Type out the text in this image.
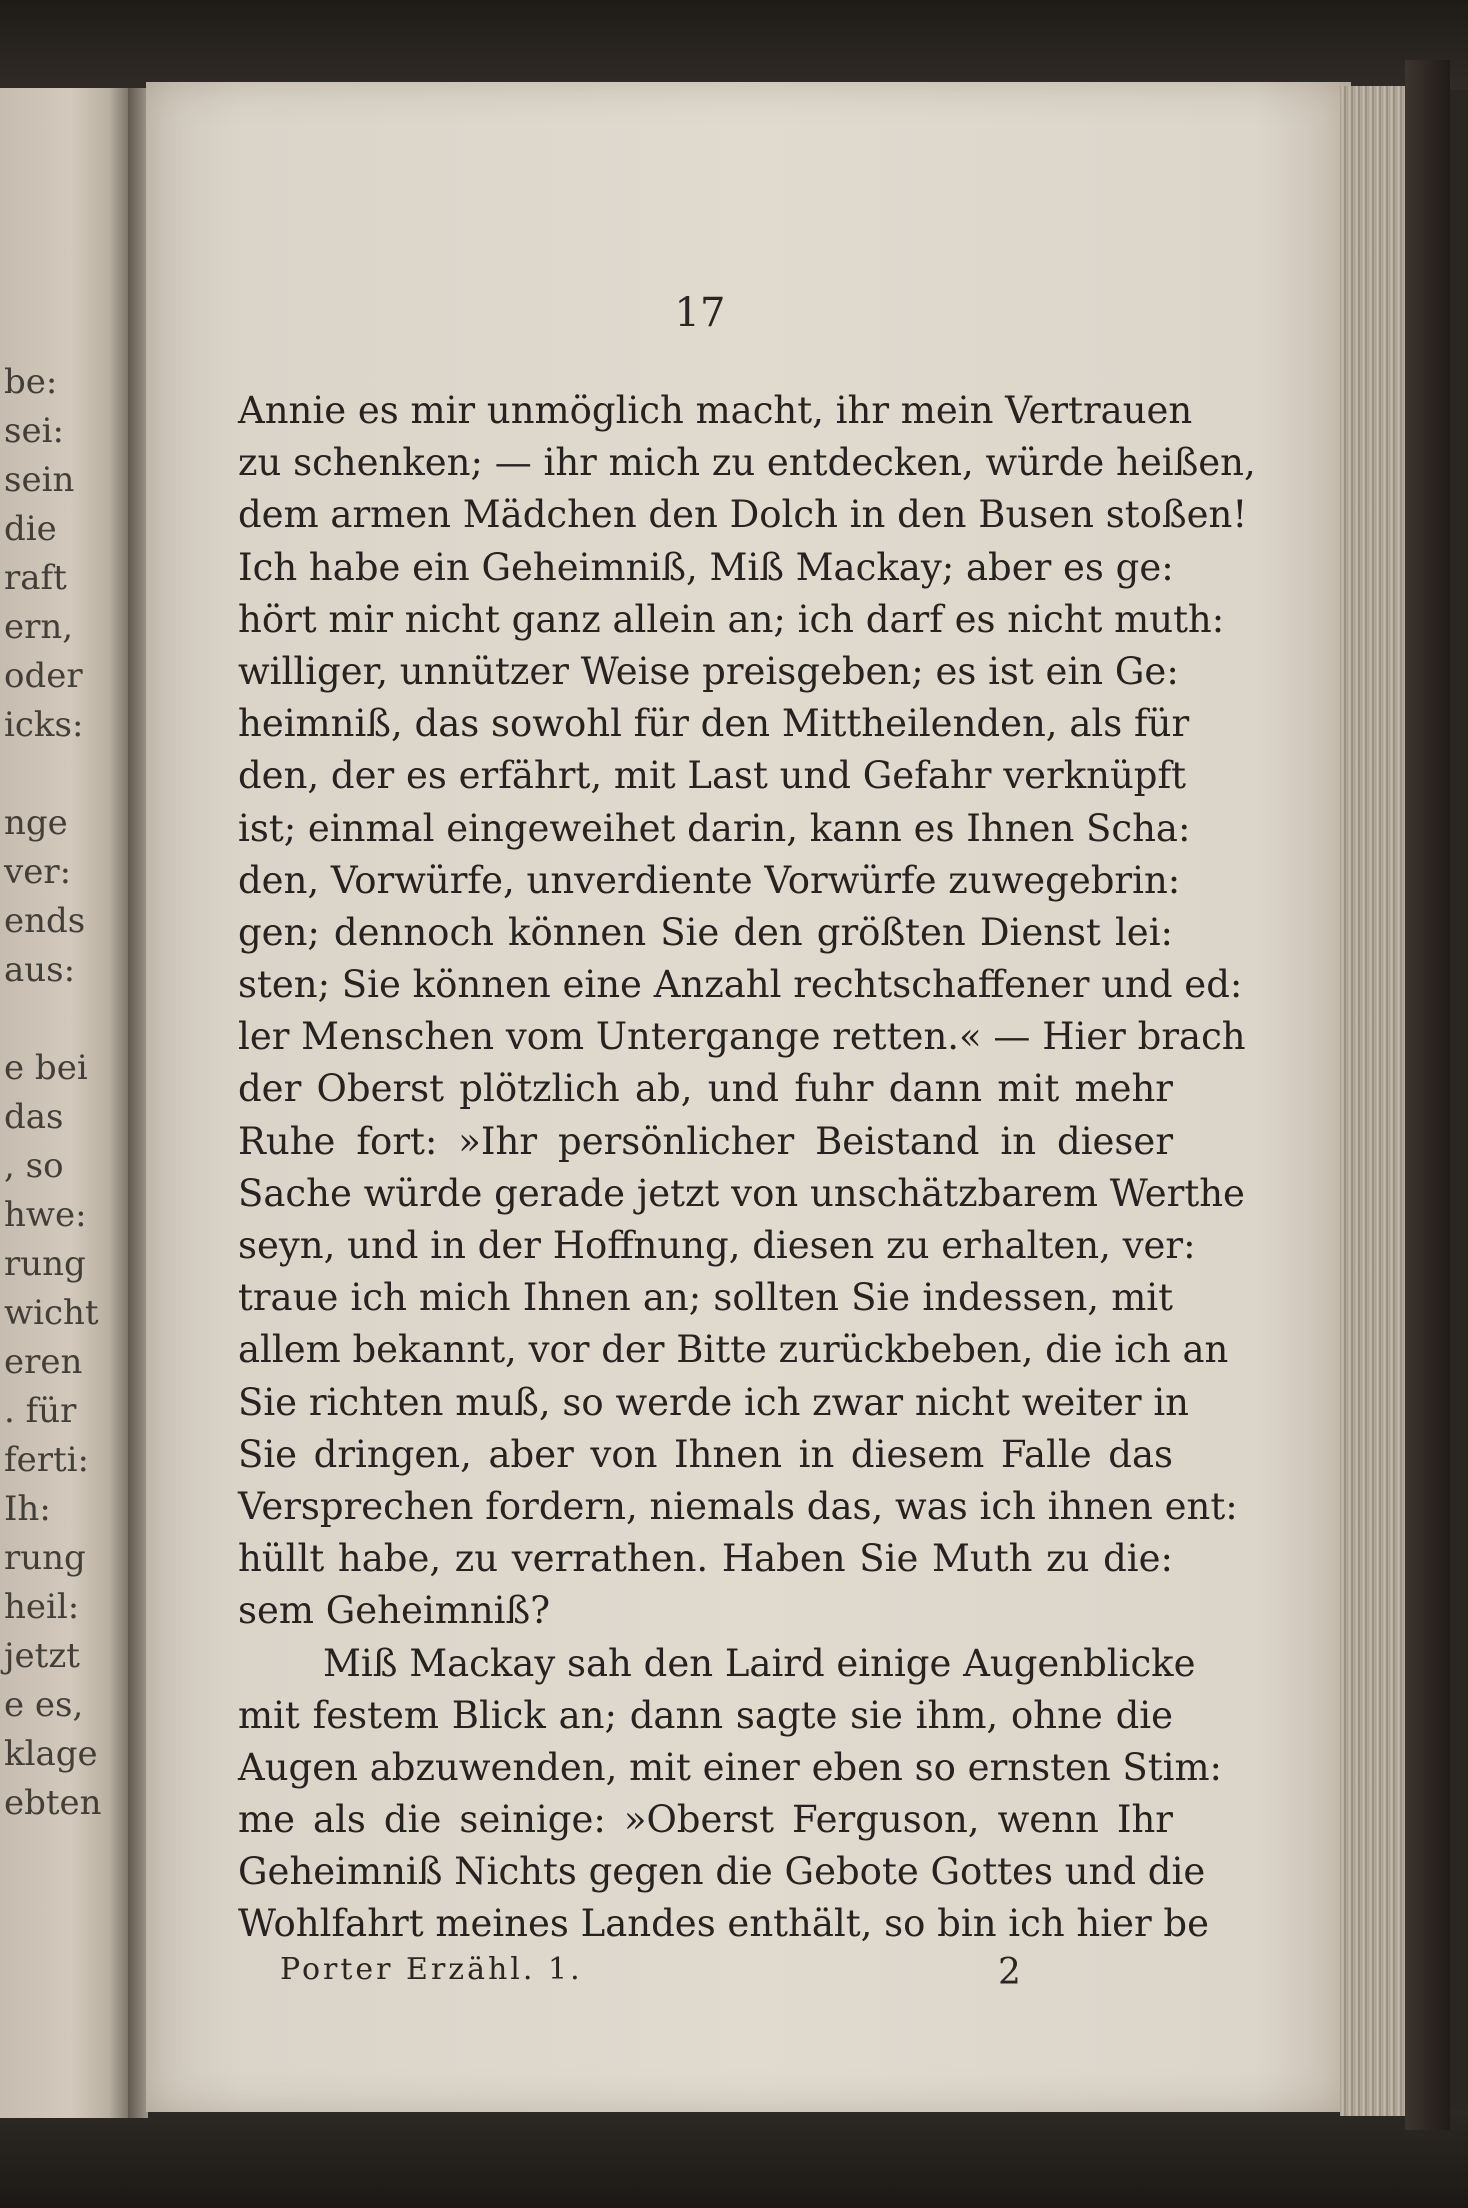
be:
sei:
sein
die
raft
ern,
oder
icks:
nge
ver:
ends
aus:
e bei
das
, so
hwe:
rung
wicht
eren
. für
ferti:
Ih:
rung
heil:
jetzt
e es,
klage
ebten

17

Annie es mir unmöglich macht, ihr mein Vertrauen

zu schenken; — ihr mich zu entdecken, würde heißen,

dem armen Mädchen den Dolch in den Busen stoßen!

Ich habe ein Geheimniß, Miß Mackay; aber es ge:

hört mir nicht ganz allein an; ich darf es nicht muth:

williger, unnützer Weise preisgeben; es ist ein Ge:

heimniß, das sowohl für den Mittheilenden, als für

den, der es erfährt, mit Last und Gefahr verknüpft

ist; einmal eingeweihet darin, kann es Ihnen Scha:

den, Vorwürfe, unverdiente Vorwürfe zuwegebrin:

gen; dennoch können Sie den größten Dienst lei:

sten; Sie können eine Anzahl rechtschaffener und ed:

ler Menschen vom Untergange retten.« — Hier brach

der Oberst plötzlich ab, und fuhr dann mit mehr

Ruhe fort: »Ihr persönlicher Beistand in dieser

Sache würde gerade jetzt von unschätzbarem Werthe

seyn, und in der Hoffnung, diesen zu erhalten, ver:

traue ich mich Ihnen an; sollten Sie indessen, mit

allem bekannt, vor der Bitte zurückbeben, die ich an

Sie richten muß, so werde ich zwar nicht weiter in

Sie dringen, aber von Ihnen in diesem Falle das

Versprechen fordern, niemals das, was ich ihnen ent:

hüllt habe, zu verrathen. Haben Sie Muth zu die:

sem Geheimniß?

Miß Mackay sah den Laird einige Augenblicke

mit festem Blick an; dann sagte sie ihm, ohne die

Augen abzuwenden, mit einer eben so ernsten Stim:

me als die seinige: »Oberst Ferguson, wenn Ihr

Geheimniß Nichts gegen die Gebote Gottes und die

Wohlfahrt meines Landes enthält, so bin ich hier be

Porter Erzähl. 1.	2
